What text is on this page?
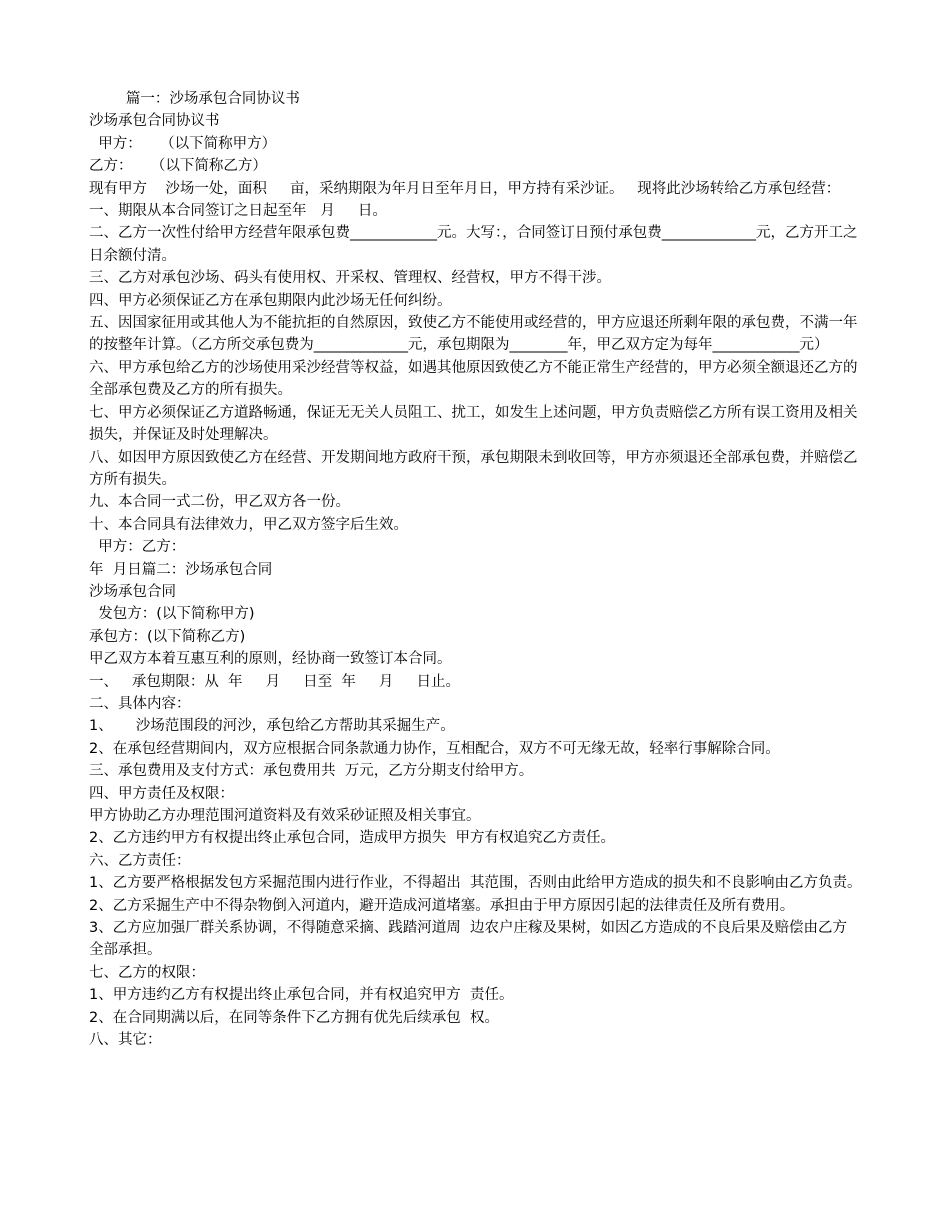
篇一：沙场承包合同协议书

沙场承包合同协议书

甲方：    （以下简称甲方）

乙方：    （以下简称乙方）

现有甲方    沙场一处，面积     亩，采纳期限为年月日至年月日，甲方持有采沙证。   现将此沙场转给乙方承包经营：

一、期限从本合同签订之日起至年   月     日。

二、乙方一次性付给甲方经营年限承包费____________元。大写：，合同签订日预付承包费_____________元，乙方开工之日余额付清。

三、乙方对承包沙场、码头有使用权、开采权、管理权、经营权，甲方不得干涉。

四、甲方必须保证乙方在承包期限内此沙场无任何纠纷。

五、因国家征用或其他人为不能抗拒的自然原因，致使乙方不能使用或经营的，甲方应退还所剩年限的承包费，不满一年的按整年计算。（乙方所交承包费为_____________元，承包期限为________年，甲乙双方定为每年____________元）

六、甲方承包给乙方的沙场使用采沙经营等权益，如遇其他原因致使乙方不能正常生产经营的，甲方必须全额退还乙方的全部承包费及乙方的所有损失。

七、甲方必须保证乙方道路畅通，保证无无关人员阻工、扰工，如发生上述问题，甲方负责赔偿乙方所有误工资用及相关损失，并保证及时处理解决。

八、如因甲方原因致使乙方在经营、开发期间地方政府干预，承包期限未到收回等，甲方亦须退还全部承包费，并赔偿乙方所有损失。

九、本合同一式二份，甲乙双方各一份。

十、本合同具有法律效力，甲乙双方签字后生效。

甲方：乙方：

年  月日篇二：沙场承包合同

沙场承包合同

发包方：(以下简称甲方)

承包方：(以下简称乙方)

甲乙双方本着互惠互利的原则，经协商一致签订本合同。

一、   承包期限：从  年     月     日至  年     月     日止。

二、具体内容：

1、     沙场范围段的河沙，承包给乙方帮助其采掘生产。

2、在承包经营期间内，双方应根据合同条款通力协作，互相配合，双方不可无缘无故，轻率行事解除合同。

三、承包费用及支付方式：承包费用共  万元，乙方分期支付给甲方。

四、甲方责任及权限：

甲方协助乙方办理范围河道资料及有效采砂证照及相关事宜。

2、乙方违约甲方有权提出终止承包合同，造成甲方损失  甲方有权追究乙方责任。

六、乙方责任：

1、乙方要严格根据发包方采掘范围内进行作业，不得超出  其范围，否则由此给甲方造成的损失和不良影响由乙方负责。

2、乙方采掘生产中不得杂物倒入河道内，避开造成河道堵塞。承担由于甲方原因引起的法律责任及所有费用。

3、乙方应加强厂群关系协调，不得随意采摘、践踏河道周  边农户庄稼及果树，如因乙方造成的不良后果及赔偿由乙方  全部承担。

七、乙方的权限：

1、甲方违约乙方有权提出终止承包合同，并有权追究甲方  责任。

2、在合同期满以后，在同等条件下乙方拥有优先后续承包  权。

八、其它：
